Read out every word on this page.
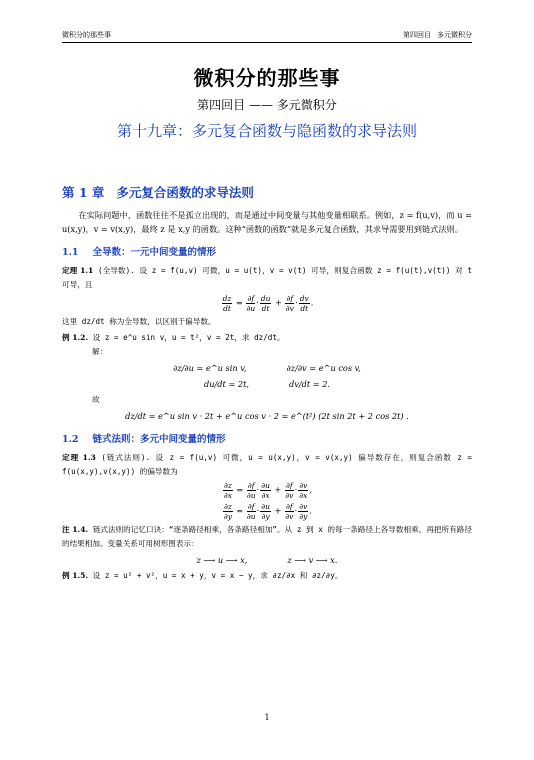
微积分的那些事	第四回目 多元微积分
微积分的那些事
第四回目 —— 多元微积分
第十九章：多元复合函数与隐函数的求导法则
第 1 章 多元复合函数的求导法则

在实际问题中，函数往往不是孤立出现的，而是通过中间变量与其他变量相联系。例如，z = f(u,v)，而 u = u(x,y)，v = v(x,y)，最终 z 是 x,y 的函数。这种“函数的函数”就是多元复合函数，其求导需要用到链式法则。

1.1 全导数：一元中间变量的情形

定理 1.1 (全导数). 设 z = f(u,v) 可微，u = u(t)，v = v(t) 可导，则复合函数 z = f(u(t),v(t)) 对 t 可导，且

$\frac{dz}{dt} = \frac{\partial f}{\partial u} \cdot \frac{du}{dt} + \frac{\partial f}{\partial v} \cdot \frac{dv}{dt}$ .

这里 dz/dt 称为全导数，以区别于偏导数。

例 1.2. 设 z = e^u sin v，u = t²，v = 2t，求 dz/dt。

解：

∂z/∂u = e^u sin v,	∂z/∂v = e^u cos v,
du/dt = 2t,	dv/dt = 2.

故

dz/dt = e^u sin v · 2t + e^u cos v · 2 = e^(t²) (2t sin 2t + 2 cos 2t) .
1.2 链式法则：多元中间变量的情形

定理 1.3 (链式法则). 设 z = f(u,v) 可微，u = u(x,y)，v = v(x,y) 偏导数存在，则复合函数 z = f(u(x,y),v(x,y)) 的偏导数为

$\frac{\partial z}{\partial x} = \frac{\partial f}{\partial u} \cdot \frac{\partial u}{\partial x} + \frac{\partial f}{\partial v} \cdot \frac{\partial v}{\partial x}$ ,
$\frac{\partial z}{\partial y} = \frac{\partial f}{\partial u} \cdot \frac{\partial u}{\partial y} + \frac{\partial f}{\partial v} \cdot \frac{\partial v}{\partial y}$ .

注 1.4. 链式法则的记忆口诀：“逐条路径相乘，各条路径相加”。从 z 到 x 的每一条路径上各导数相乘，再把所有路径的结果相加。变量关系可用树形图表示：

z ⟶ u ⟶ x,	z ⟶ v ⟶ x.

例 1.5. 设 z = u² + v²，u = x + y，v = x − y，求 ∂z/∂x 和 ∂z/∂y。

1
